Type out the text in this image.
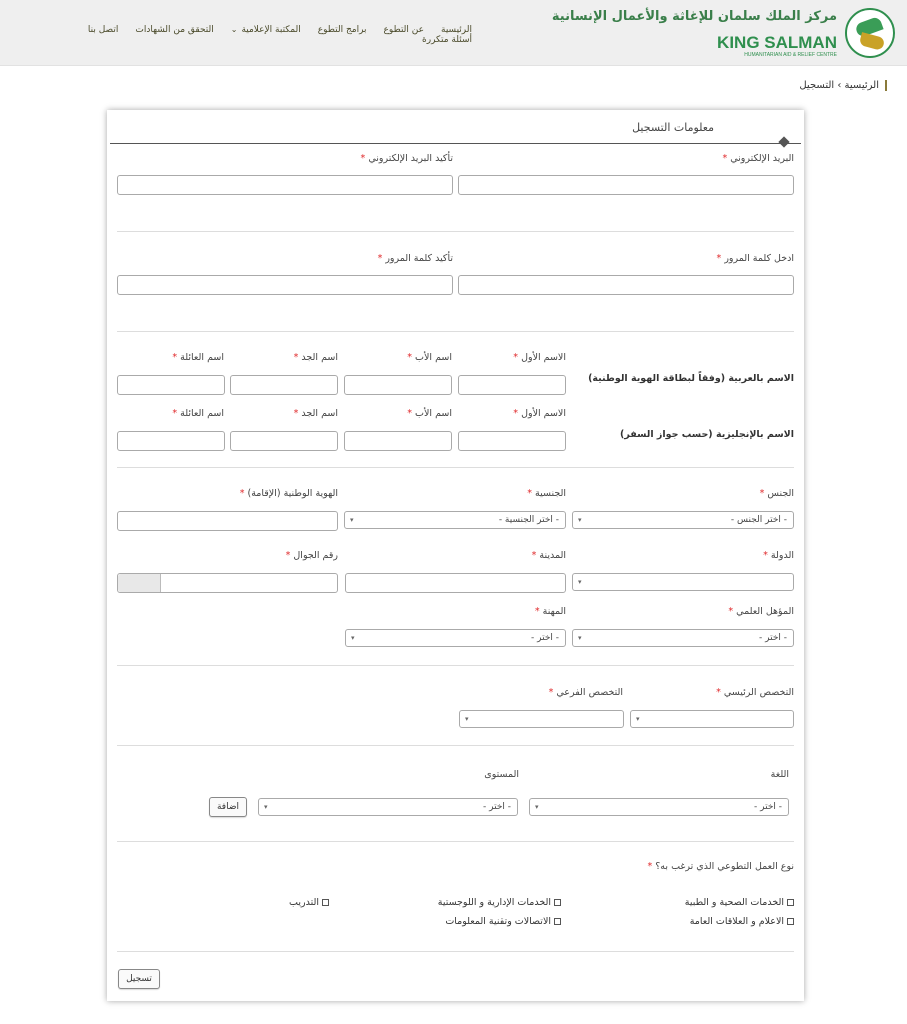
مركز الملك سلمان للإغاثة والأعمال الإنسانية
KING SALMAN
HUMANITARIAN AID & RELIEF CENTRE
الرئيسية
عن التطوع
برامج التطوع
المكتبة الإعلامية⌄
التحقق من الشهادات
اتصل بنا
أسئلة متكررة
الرئيسية › التسجيل
معلومات التسجيل
البريد الإلكتروني *
تأكيد البريد الإلكتروني *
ادخل كلمة المرور *
تأكيد كلمة المرور *
الاسم الأول *
اسم الأب *
اسم الجد *
اسم العائلة *
الاسم بالعربية (وفقاً لبطاقة الهوية الوطنية)
الاسم الأول *
اسم الأب *
اسم الجد *
اسم العائلة *
الاسم بالإنجليزية (حسب جواز السفر)
الجنس *
الجنسية *
الهوية الوطنية (الإقامة) *
- اختر الجنس -
▾
- اختر الجنسية -
▾
الدولة *
المدينة *
رقم الجوال *
▾
المؤهل العلمي *
المهنة *
- اختر -
▾
- اختر -
▾
التخصص الرئيسي *
التخصص الفرعي *
▾
▾
اللغة
المستوى
- اختر -
▾
- اختر -
▾
اضافة
نوع العمل التطوعي الذي ترغب به؟ *
الخدمات الصحية و الطبية
الخدمات الإدارية و اللوجستية
التدريب
الاعلام و العلاقات العامة
الاتصالات وتقنية المعلومات
تسجيل
